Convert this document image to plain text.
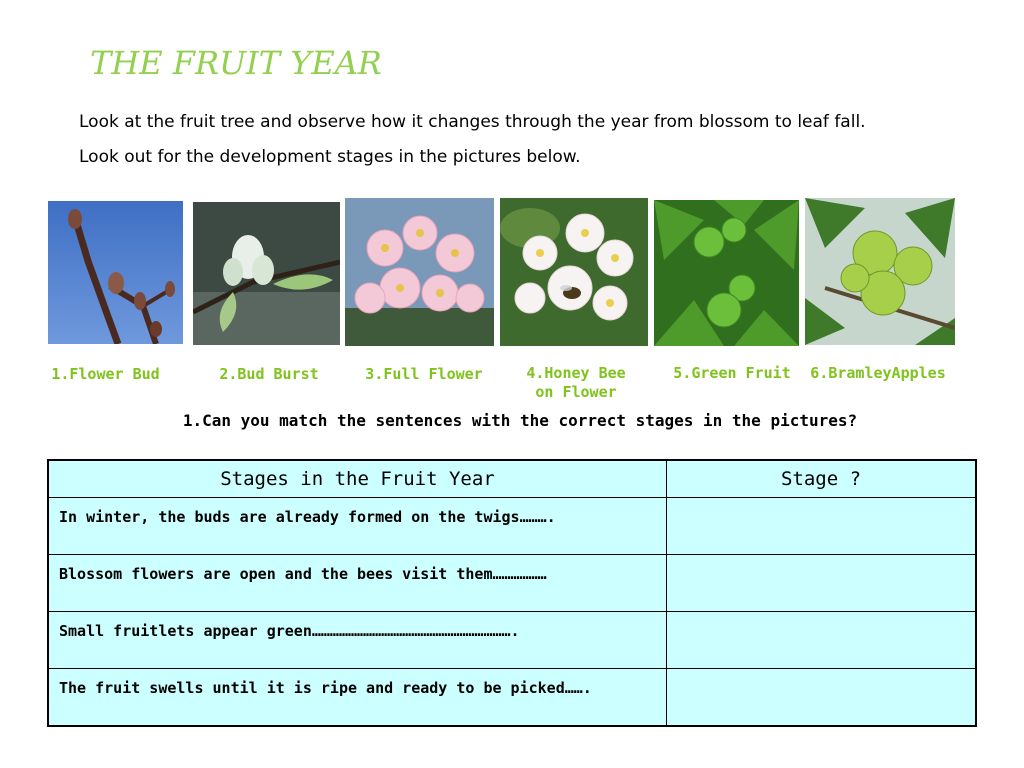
THE FRUIT YEAR
Look at the fruit tree and observe how it changes through the year from blossom to leaf fall.
Look out for the development stages in the pictures below.
1.Flower Bud	2.Bud Burst	3.Full Flower	4.Honey Bee
on Flower
5.Green Fruit	6.BramleyApples
1.Can you match the sentences with the correct stages in the pictures?
Stages in the Fruit Year	Stage ?
In winter, the buds are already formed on the twigs……….	
Blossom flowers are open and the bees visit them………………	
Small fruitlets appear green………………………………………………………….	
The fruit swells until it is ripe and ready to be picked…….	
